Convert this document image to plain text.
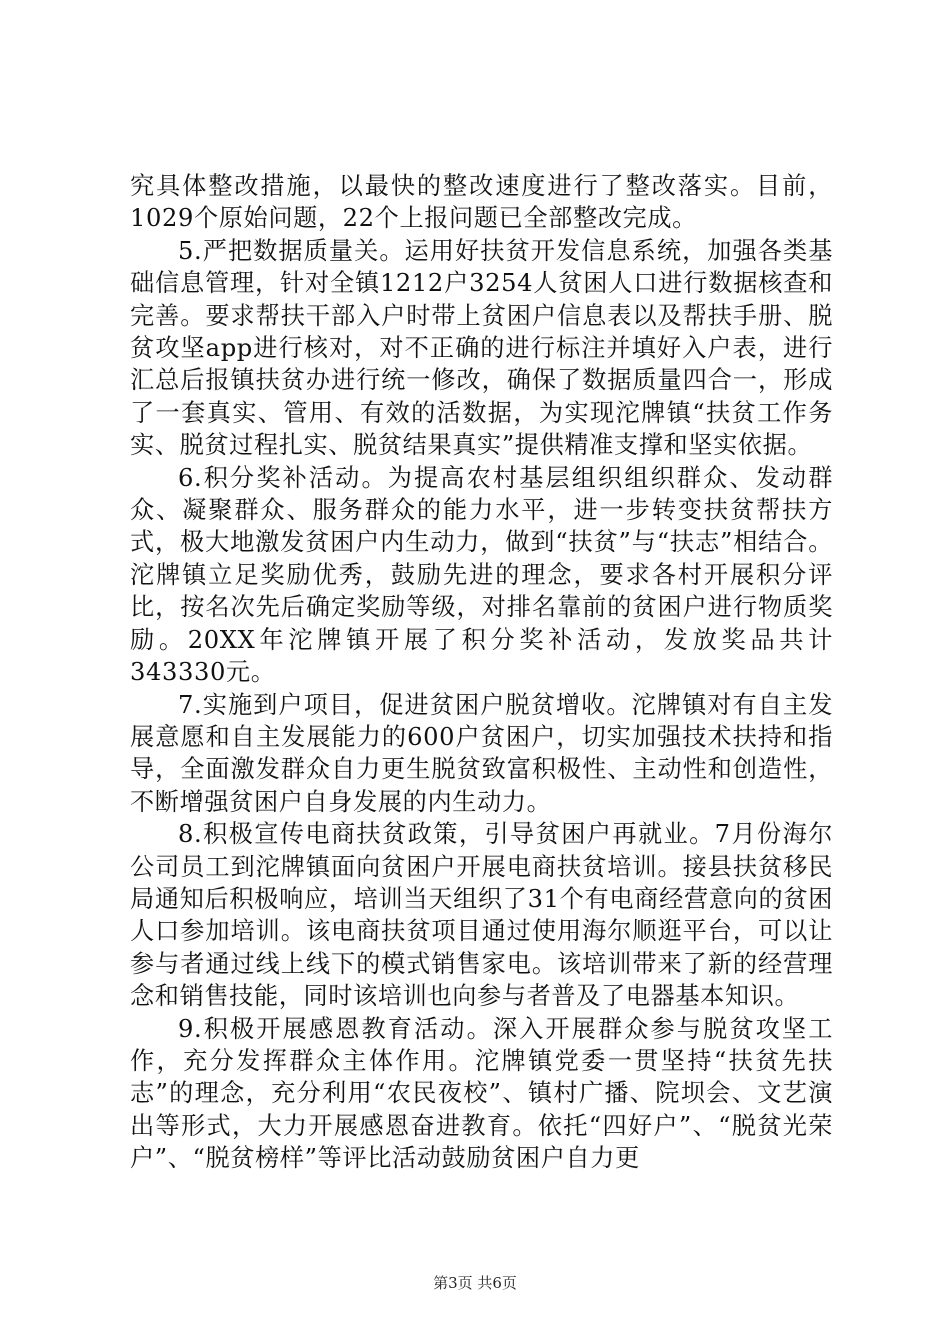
究具体整改措施，以最快的整改速度进行了整改落实。目前，1029个原始问题，22个上报问题已全部整改完成。

5.严把数据质量关。运用好扶贫开发信息系统，加强各类基础信息管理，针对全镇1212户3254人贫困人口进行数据核查和完善。要求帮扶干部入户时带上贫困户信息表以及帮扶手册、脱贫攻坚app进行核对，对不正确的进行标注并填好入户表，进行汇总后报镇扶贫办进行统一修改，确保了数据质量四合一，形成了一套真实、管用、有效的活数据，为实现沱牌镇“扶贫工作务实、脱贫过程扎实、脱贫结果真实”提供精准支撑和坚实依据。

6.积分奖补活动。为提高农村基层组织组织群众、发动群众、凝聚群众、服务群众的能力水平，进一步转变扶贫帮扶方式，极大地激发贫困户内生动力，做到“扶贫”与“扶志”相结合。沱牌镇立足奖励优秀，鼓励先进的理念，要求各村开展积分评比，按名次先后确定奖励等级，对排名靠前的贫困户进行物质奖励。20XX年沱牌镇开展了积分奖补活动，发放奖品共计343330元。

7.实施到户项目，促进贫困户脱贫增收。沱牌镇对有自主发展意愿和自主发展能力的600户贫困户，切实加强技术扶持和指导，全面激发群众自力更生脱贫致富积极性、主动性和创造性，不断增强贫困户自身发展的内生动力。

8.积极宣传电商扶贫政策，引导贫困户再就业。7月份海尔公司员工到沱牌镇面向贫困户开展电商扶贫培训。接县扶贫移民局通知后积极响应，培训当天组织了31个有电商经营意向的贫困人口参加培训。该电商扶贫项目通过使用海尔顺逛平台，可以让参与者通过线上线下的模式销售家电。该培训带来了新的经营理念和销售技能，同时该培训也向参与者普及了电器基本知识。

9.积极开展感恩教育活动。深入开展群众参与脱贫攻坚工作，充分发挥群众主体作用。沱牌镇党委一贯坚持“扶贫先扶志”的理念，充分利用“农民夜校”、镇村广播、院坝会、文艺演出等形式，大力开展感恩奋进教育。依托“四好户”、“脱贫光荣户”、“脱贫榜样”等评比活动鼓励贫困户自力更

第3页 共6页
